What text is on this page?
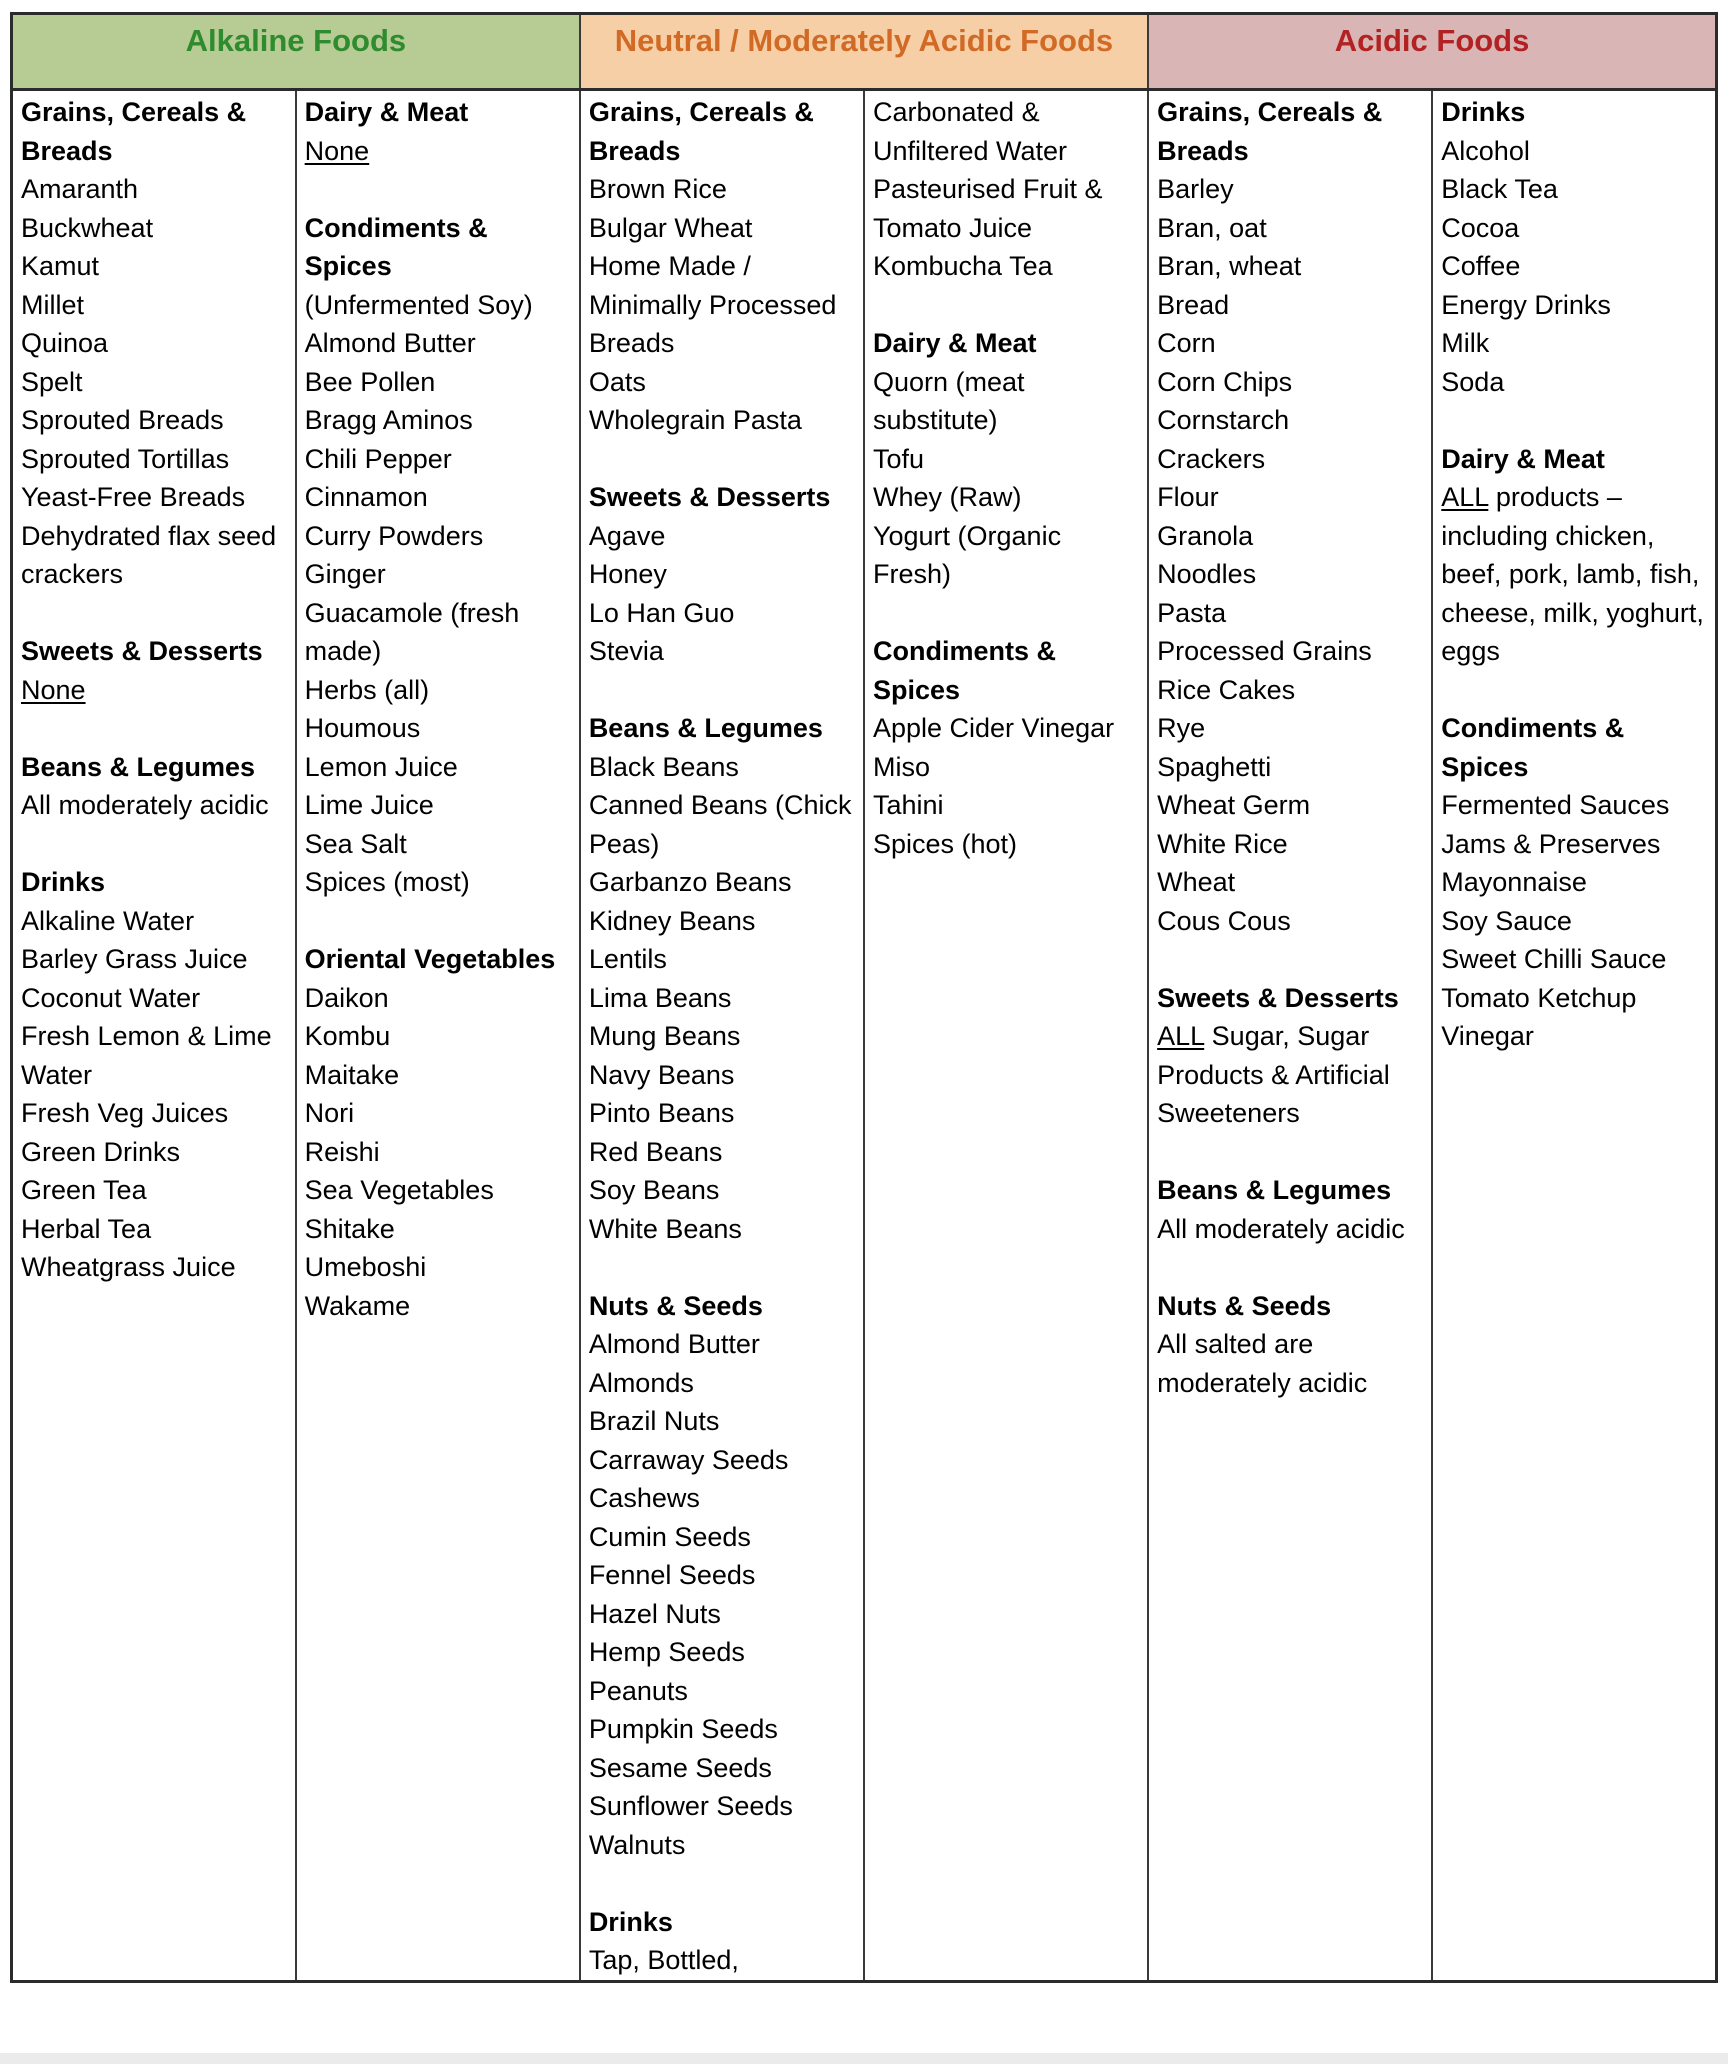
Alkaline Foods		Neutral / Moderately Acidic Foods		Acidic Foods	

Grains, Cereals & Breads
Amaranth
Buckwheat
Kamut
Millet
Quinoa
Spelt
Sprouted Breads
Sprouted Tortillas
Yeast-Free Breads
Dehydrated flax seed crackers
Sweets & Desserts
None
Beans & Legumes
All moderately acidic
Drinks
Alkaline Water
Barley Grass Juice
Coconut Water
Fresh Lemon & Lime Water
Fresh Veg Juices
Green Drinks
Green Tea
Herbal Tea
Wheatgrass Juice

Dairy & Meat
None
Condiments & Spices
(Unfermented Soy)
Almond Butter
Bee Pollen
Bragg Aminos
Chili Pepper
Cinnamon
Curry Powders
Ginger
Guacamole (fresh made)
Herbs (all)
Houmous
Lemon Juice
Lime Juice
Sea Salt
Spices (most)
Oriental Vegetables
Daikon
Kombu
Maitake
Nori
Reishi
Sea Vegetables
Shitake
Umeboshi
Wakame

Grains, Cereals & Breads
Brown Rice
Bulgar Wheat
Home Made / Minimally Processed Breads
Oats
Wholegrain Pasta
Sweets & Desserts
Agave
Honey
Lo Han Guo
Stevia
Beans & Legumes
Black Beans
Canned Beans (Chick Peas)
Garbanzo Beans
Kidney Beans
Lentils
Lima Beans
Mung Beans
Navy Beans
Pinto Beans
Red Beans
Soy Beans
White Beans
Nuts & Seeds
Almond Butter
Almonds
Brazil Nuts
Carraway Seeds
Cashews
Cumin Seeds
Fennel Seeds
Hazel Nuts
Hemp Seeds
Peanuts
Pumpkin Seeds
Sesame Seeds
Sunflower Seeds
Walnuts
Drinks
Tap, Bottled,

Carbonated & Unfiltered Water
Pasteurised Fruit & Tomato Juice
Kombucha Tea
Dairy & Meat
Quorn (meat substitute)
Tofu
Whey (Raw)
Yogurt (Organic Fresh)
Condiments & Spices
Apple Cider Vinegar
Miso
Tahini
Spices (hot)

Grains, Cereals & Breads
Barley
Bran, oat
Bran, wheat
Bread
Corn
Corn Chips
Cornstarch
Crackers
Flour
Granola
Noodles
Pasta
Processed Grains
Rice Cakes
Rye
Spaghetti
Wheat Germ
White Rice
Wheat
Cous Cous
Sweets & Desserts
ALL Sugar, Sugar Products & Artificial Sweeteners
Beans & Legumes
All moderately acidic
Nuts & Seeds
All salted are moderately acidic

Drinks
Alcohol
Black Tea
Cocoa
Coffee
Energy Drinks
Milk
Soda
Dairy & Meat
ALL products – including chicken, beef, pork, lamb, fish, cheese, milk, yoghurt, eggs
Condiments & Spices
Fermented Sauces
Jams & Preserves
Mayonnaise
Soy Sauce
Sweet Chilli Sauce
Tomato Ketchup
Vinegar
